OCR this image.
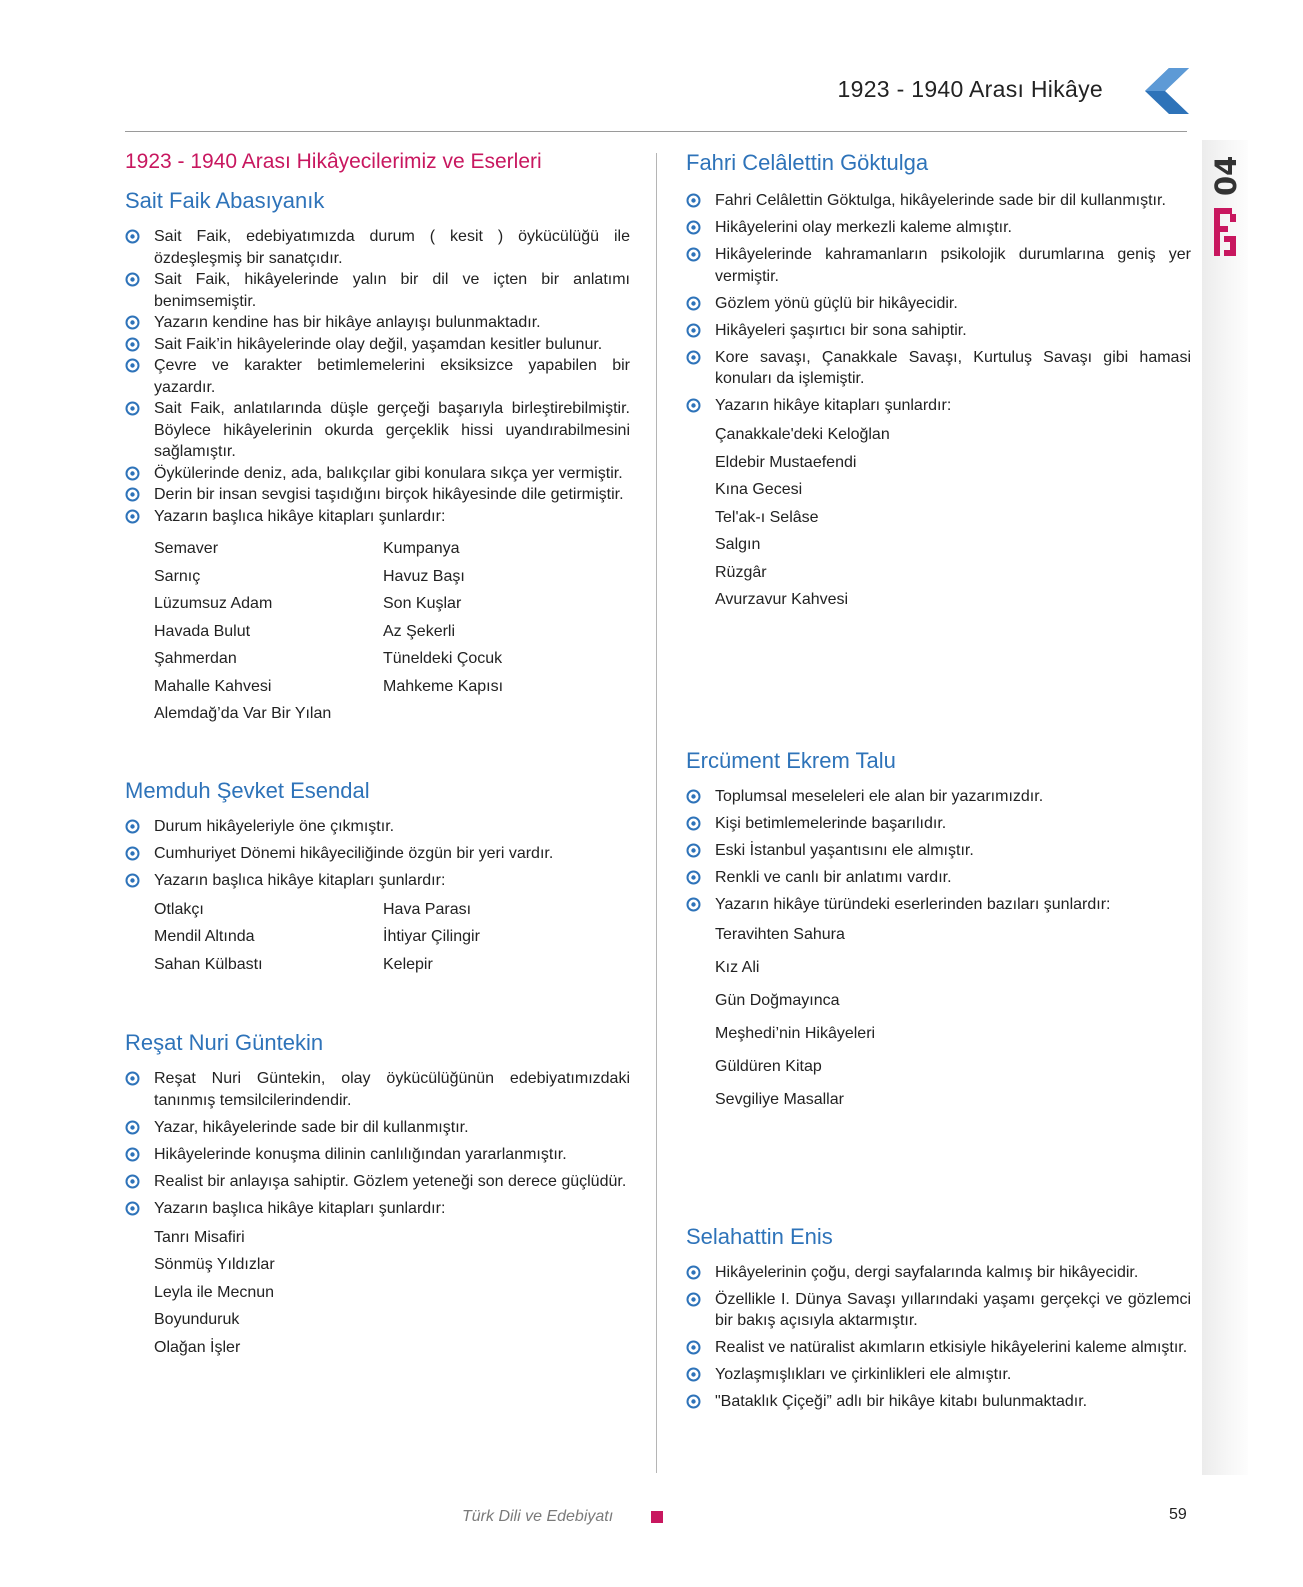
1923 - 1940 Arası Hikâye
04
1923 - 1940 Arası Hikâyecilerimiz ve Eserleri
Sait Faik Abasıyanık
Sait Faik, edebiyatımızda durum ( kesit ) öykücülüğü ile özdeşleşmiş bir sanatçıdır.
Sait Faik, hikâyelerinde yalın bir dil ve içten bir anlatımı benimsemiştir.
Yazarın kendine has bir hikâye anlayışı bulunmaktadır.
Sait Faik’in hikâyelerinde olay değil, yaşamdan kesitler bulunur.
Çevre ve karakter betimlemelerini eksiksizce yapabilen bir yazardır.
Sait Faik, anlatılarında düşle gerçeği başarıyla birleştirebilmiştir. Böylece hikâyelerinin okurda gerçeklik hissi uyandırabilmesini sağlamıştır.
Öykülerinde deniz, ada, balıkçılar gibi konulara sıkça yer vermiştir.
Derin bir insan sevgisi taşıdığını birçok hikâyesinde dile getirmiştir.
Yazarın başlıca hikâye kitapları şunlardır:
Semaver	Kumpanya
Sarnıç	Havuz Başı
Lüzumsuz Adam	Son Kuşlar
Havada Bulut	Az Şekerli
Şahmerdan	Tüneldeki Çocuk
Mahalle Kahvesi	Mahkeme Kapısı
Alemdağ’da Var Bir Yılan
Memduh Şevket Esendal
Durum hikâyeleriyle öne çıkmıştır.
Cumhuriyet Dönemi hikâyeciliğinde özgün bir yeri vardır.
Yazarın başlıca hikâye kitapları şunlardır:
Otlakçı	Hava Parası
Mendil Altında	İhtiyar Çilingir
Sahan Külbastı	Kelepir
Reşat Nuri Güntekin
Reşat Nuri Güntekin, olay öykücülüğünün edebiyatımızdaki tanınmış temsilcilerindendir.
Yazar, hikâyelerinde sade bir dil kullanmıştır.
Hikâyelerinde konuşma dilinin canlılığından yararlanmıştır.
Realist bir anlayışa sahiptir. Gözlem yeteneği son derece güçlüdür.
Yazarın başlıca hikâye kitapları şunlardır:
Tanrı Misafiri
Sönmüş Yıldızlar
Leyla ile Mecnun
Boyunduruk
Olağan İşler
Fahri Celâlettin Göktulga
Fahri Celâlettin Göktulga, hikâyelerinde sade bir dil kullanmıştır.
Hikâyelerini olay merkezli kaleme almıştır.
Hikâyelerinde kahramanların psikolojik durumlarına geniş yer vermiştir.
Gözlem yönü güçlü bir hikâyecidir.
Hikâyeleri şaşırtıcı bir sona sahiptir.
Kore savaşı, Çanakkale Savaşı, Kurtuluş Savaşı gibi hamasi konuları da işlemiştir.
Yazarın hikâye kitapları şunlardır:
Çanakkale'deki Keloğlan
Eldebir Mustaefendi
Kına Gecesi
Tel'ak-ı Selâse
Salgın
Rüzgâr
Avurzavur Kahvesi
Ercüment Ekrem Talu
Toplumsal meseleleri ele alan bir yazarımızdır.
Kişi betimlemelerinde başarılıdır.
Eski İstanbul yaşantısını ele almıştır.
Renkli ve canlı bir anlatımı vardır.
Yazarın hikâye türündeki eserlerinden bazıları şunlardır:
Teravihten Sahura
Kız Ali
Gün Doğmayınca
Meşhedi’nin Hikâyeleri
Güldüren Kitap
Sevgiliye Masallar
Selahattin Enis
Hikâyelerinin çoğu, dergi sayfalarında kalmış bir hikâyecidir.
Özellikle I. Dünya Savaşı yıllarındaki yaşamı gerçekçi ve gözlemci bir bakış açısıyla aktarmıştır.
Realist ve natüralist akımların etkisiyle hikâyelerini kaleme almıştır.
Yozlaşmışlıkları ve çirkinlikleri ele almıştır.
"Bataklık Çiçeği” adlı bir hikâye kitabı bulunmaktadır.
Türk Dili ve Edebiyatı	59
